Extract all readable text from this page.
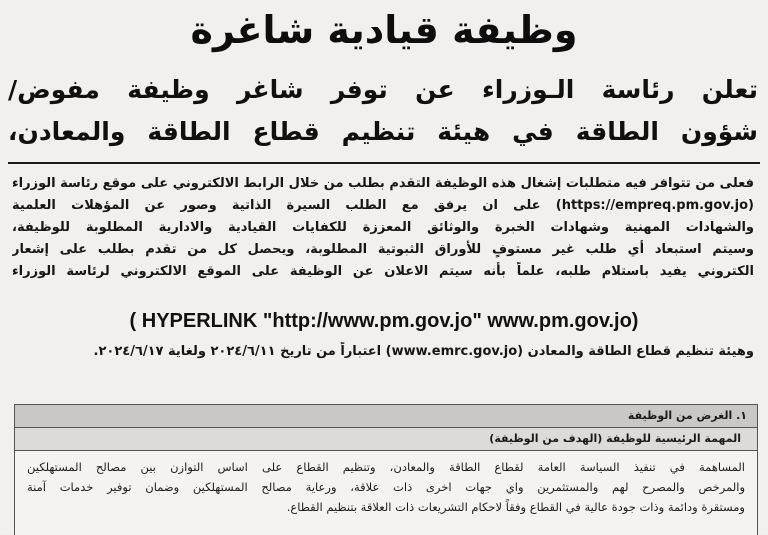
وظيفة قيادية شاغرة
تعلن رئاسة الـوزراء عن توفر شاغر وظيفة مفوض/
شؤون الطاقة في هيئة تنظيم قطاع الطاقة والمعادن،
فعلى من تتوافر فيه متطلبات إشغال هذه الوظيفة التقدم بطلب من خلال الرابط الالكتروني على موقع رئاسة الوزراء
(https://empreq.pm.gov.jo) على ان يرفق مع الطلب السيرة الذاتية وصور عن المؤهلات العلمية
والشهادات المهنية وشهادات الخبرة والوثائق المعززة للكفايات القيادية والادارية المطلوبة للوظيفة،
وسيتم استبعاد أي طلب غير مستوفٍ للأوراق الثبوتية المطلوبة، ويحصل كل من تقدم بطلب على إشعار
الكتروني يفيد باستلام طلبه، علماً بأنه سيتم الاعلان عن الوظيفة على الموقع الالكتروني لرئاسة الوزراء
( HYPERLINK "http://www.pm.gov.jo" www.pm.gov.jo)
وهيئة تنظيم قطاع الطاقة والمعادن (www.emrc.gov.jo) اعتباراً من تاريخ ٢٠٢٤/٦/١١ ولغاية ٢٠٢٤/٦/١٧.
١. الغرض من الوظيفة
المهمة الرئيسية للوظيفة (الهدف من الوظيفة)
المساهمة في تنفيذ السياسة العامة لقطاع الطاقة والمعادن، وتنظيم القطاع على اساس التوازن بين مصالح المستهلكين
والمرخص والمصرح لهم والمستثمرين واي جهات اخرى ذات علاقة، ورعاية مصالح المستهلكين وضمان توفير خدمات آمنة
ومستقرة ودائمة وذات جودة عالية في القطاع وفقاً لاحكام التشريعات ذات العلاقة بتنظيم القطاع.
